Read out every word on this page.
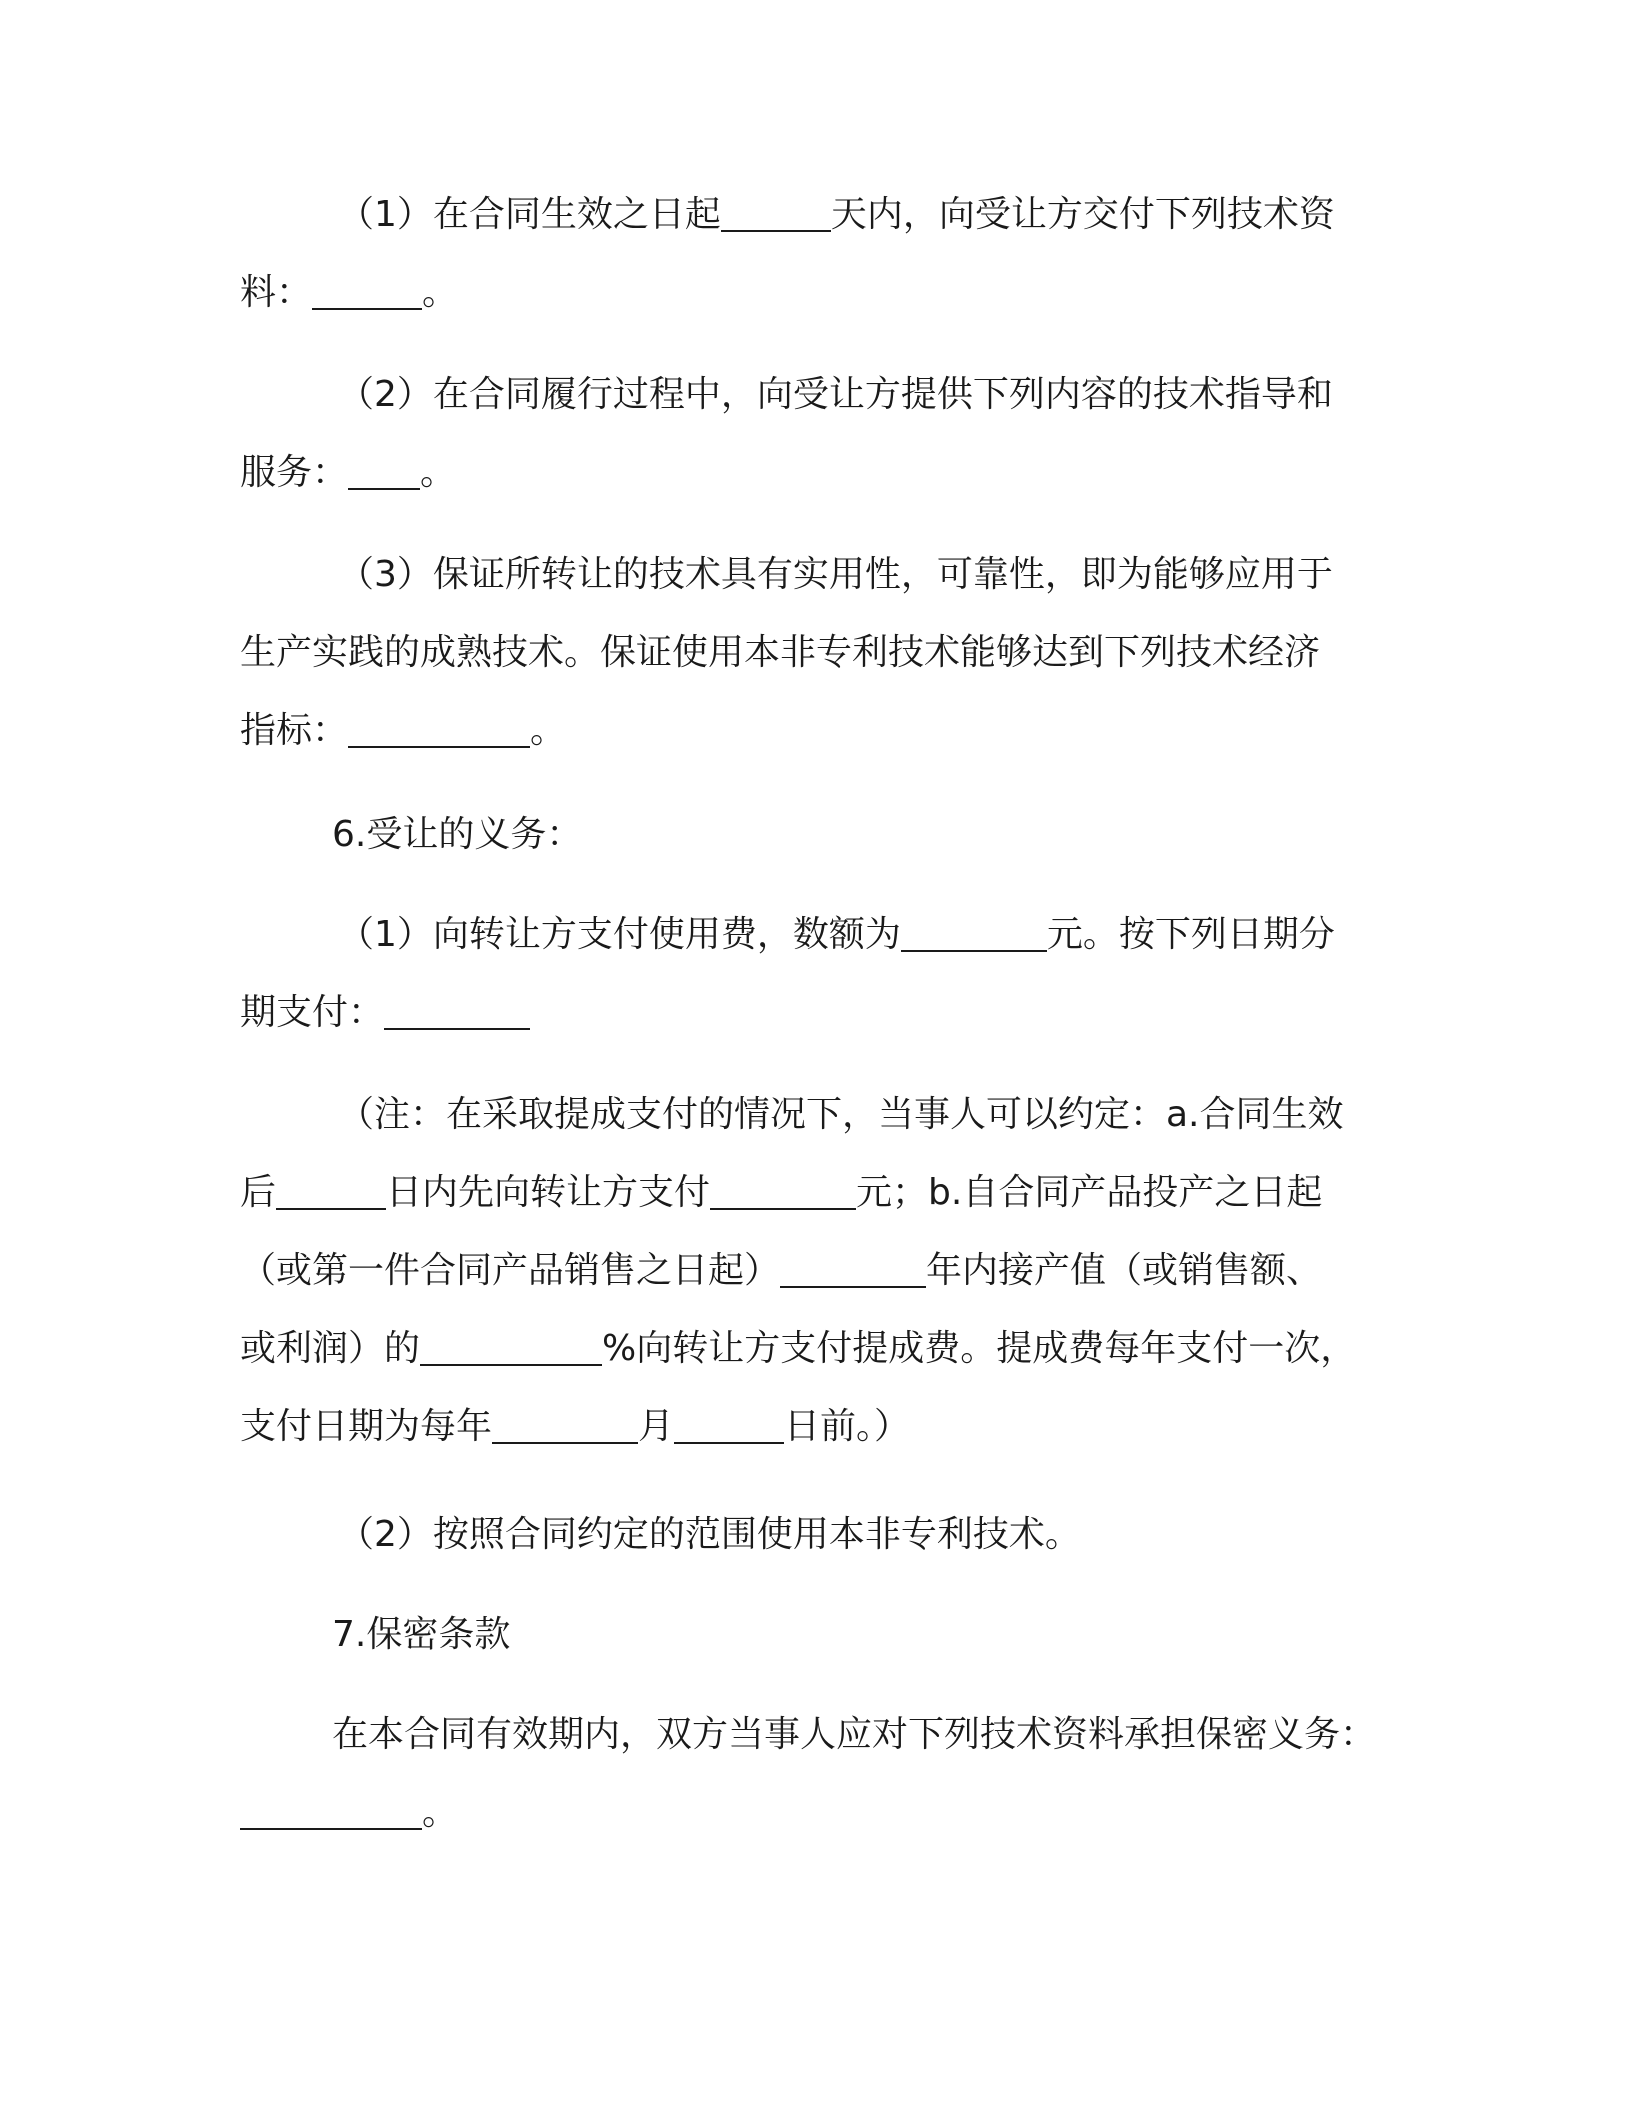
（1）在合同生效之日起	天内，向受让方交付下列技术资
料：	。
（2）在合同履行过程中，向受让方提供下列内容的技术指导和
服务： 。
（3）保证所转让的技术具有实用性，可靠性，即为能够应用于
生产实践的成熟技术。保证使用本非专利技术能够达到下列技术经济
指标：	。
6.受让的义务：
（1）向转让方支付使用费，数额为	元。按下列日期分
期支付：
（注：在采取提成支付的情况下，当事人可以约定：a.合同生效
后	日内先向转让方支付	元；b.自合同产品投产之日起
（或第一件合同产品销售之日起）	年内接产值（或销售额、
或利润）的	%向转让方支付提成费。提成费每年支付一次，
支付日期为每年	月	日前。）
（2）按照合同约定的范围使用本非专利技术。
7.保密条款
在本合同有效期内，双方当事人应对下列技术资料承担保密义务：
。
